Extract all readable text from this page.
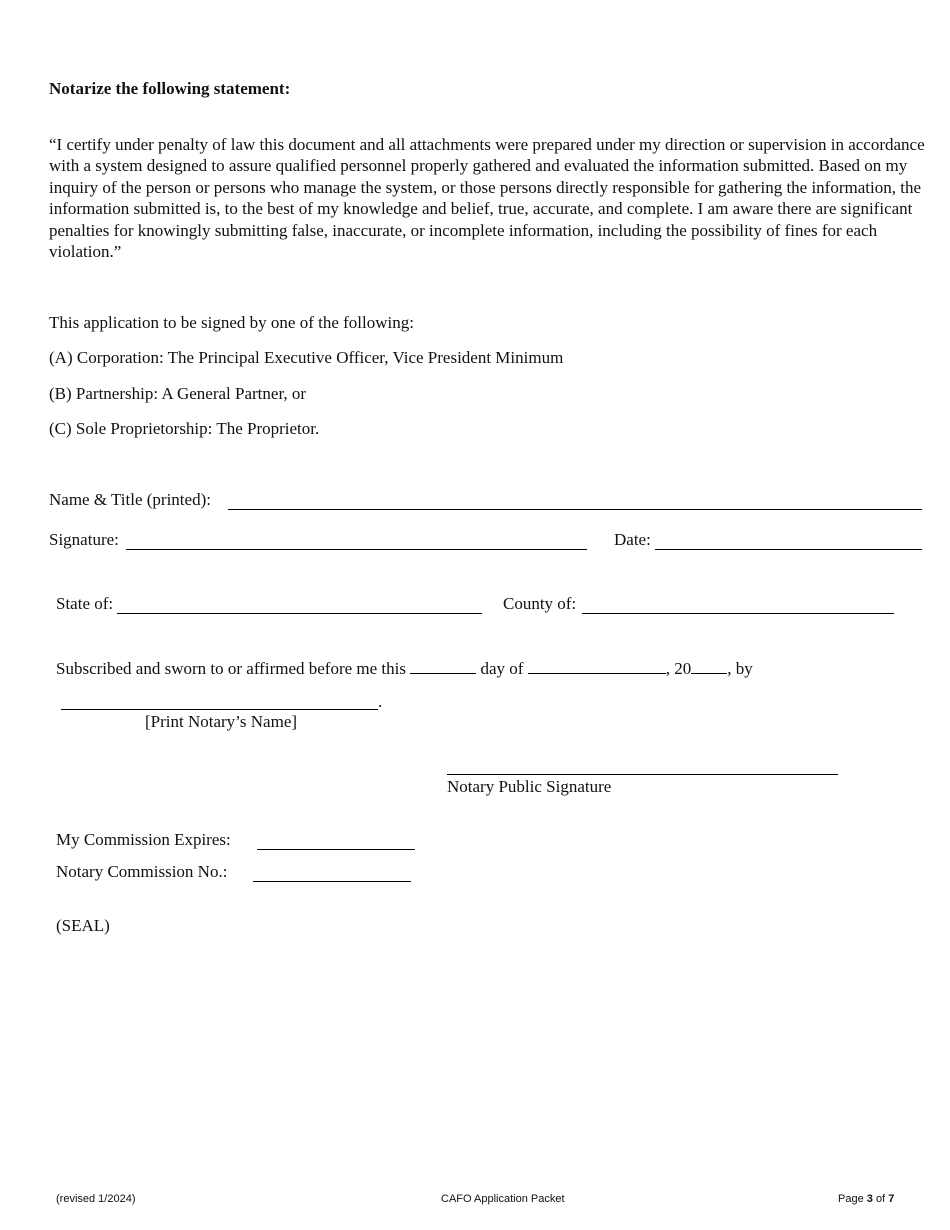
Notarize the following statement:
“I certify under penalty of law this document and all attachments were prepared under my direction or supervision in accordance with a system designed to assure qualified personnel properly gathered and evaluated the information submitted. Based on my inquiry of the person or persons who manage the system, or those persons directly responsible for gathering the information, the information submitted is, to the best of my knowledge and belief, true, accurate, and complete. I am aware there are significant penalties for knowingly submitting false, inaccurate, or incomplete information, including the possibility of fines for each violation.”
This application to be signed by one of the following:
(A) Corporation: The Principal Executive Officer, Vice President Minimum
(B) Partnership: A General Partner, or
(C) Sole Proprietorship: The Proprietor.
Name & Title (printed):
Signature:	Date:
State of:	County of:
Subscribed and sworn to or affirmed before me this	day of	, 20 , by
.
[Print Notary’s Name]
Notary Public Signature
My Commission Expires:
Notary Commission No.:
(SEAL)
(revised 1/2024)	CAFO Application Packet	Page 3 of 7
